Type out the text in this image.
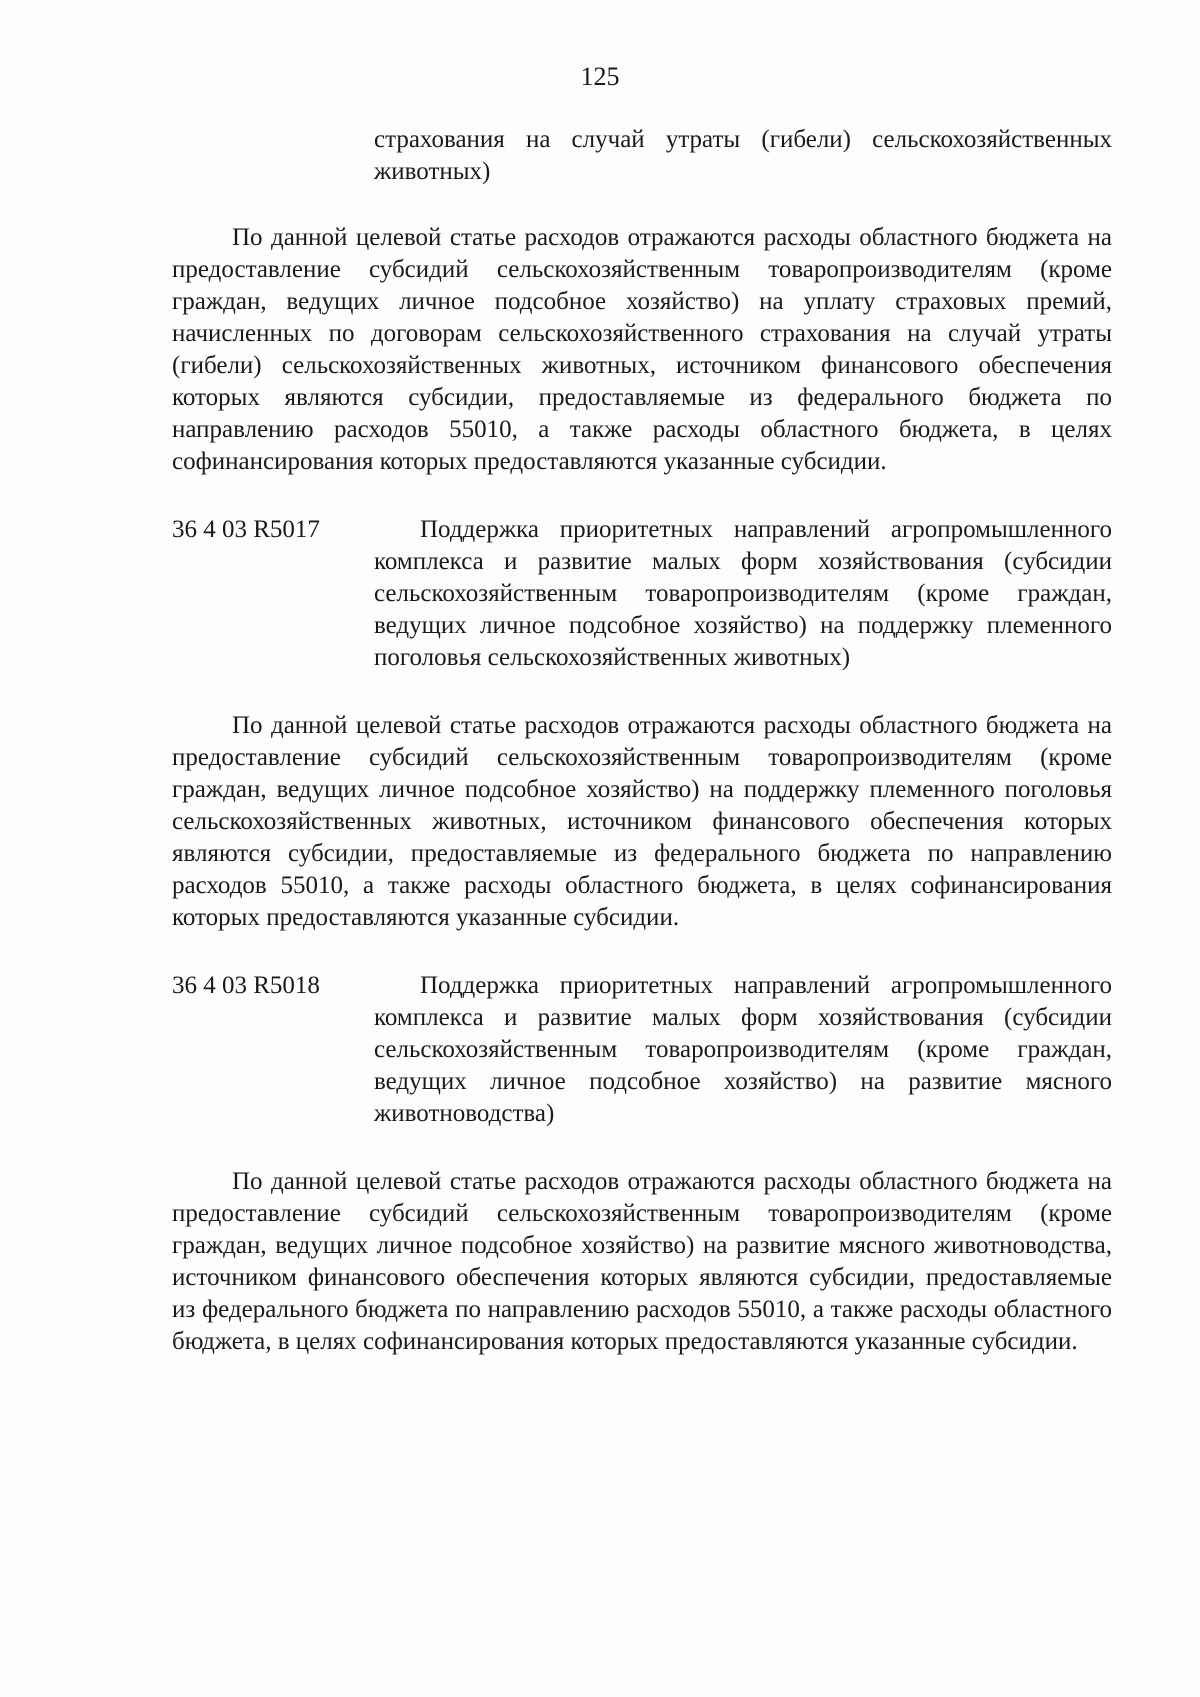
125
страхования на случай утраты (гибели) сельскохозяйственных животных)
По данной целевой статье расходов отражаются расходы областного бюджета на предоставление субсидий сельскохозяйственным товаропроизводителям (кроме граждан, ведущих личное подсобное хозяйство) на уплату страховых премий, начисленных по договорам сельскохозяйственного страхования на случай утраты (гибели) сельскохозяйственных животных, источником финансового обеспечения которых являются субсидии, предоставляемые из федерального бюджета по направлению расходов 55010, а также расходы областного бюджета, в целях софинансирования которых предоставляются указанные субсидии.
36 4 03 R5017	Поддержка приоритетных направлений агропромышленного комплекса и развитие малых форм хозяйствования (субсидии сельскохозяйственным товаропроизводителям (кроме граждан, ведущих личное подсобное хозяйство) на поддержку племенного поголовья сельскохозяйственных животных)
По данной целевой статье расходов отражаются расходы областного бюджета на предоставление субсидий сельскохозяйственным товаропроизводителям (кроме граждан, ведущих личное подсобное хозяйство) на поддержку племенного поголовья сельскохозяйственных животных, источником финансового обеспечения которых являются субсидии, предоставляемые из федерального бюджета по направлению расходов 55010, а также расходы областного бюджета, в целях софинансирования которых предоставляются указанные субсидии.
36 4 03 R5018	Поддержка приоритетных направлений агропромышленного комплекса и развитие малых форм хозяйствования (субсидии сельскохозяйственным товаропроизводителям (кроме граждан, ведущих личное подсобное хозяйство) на развитие мясного животноводства)
По данной целевой статье расходов отражаются расходы областного бюджета на предоставление субсидий сельскохозяйственным товаропроизводителям (кроме граждан, ведущих личное подсобное хозяйство) на развитие мясного животноводства, источником финансового обеспечения которых являются субсидии, предоставляемые из федерального бюджета по направлению расходов 55010, а также расходы областного бюджета, в целях софинансирования которых предоставляются указанные субсидии.
